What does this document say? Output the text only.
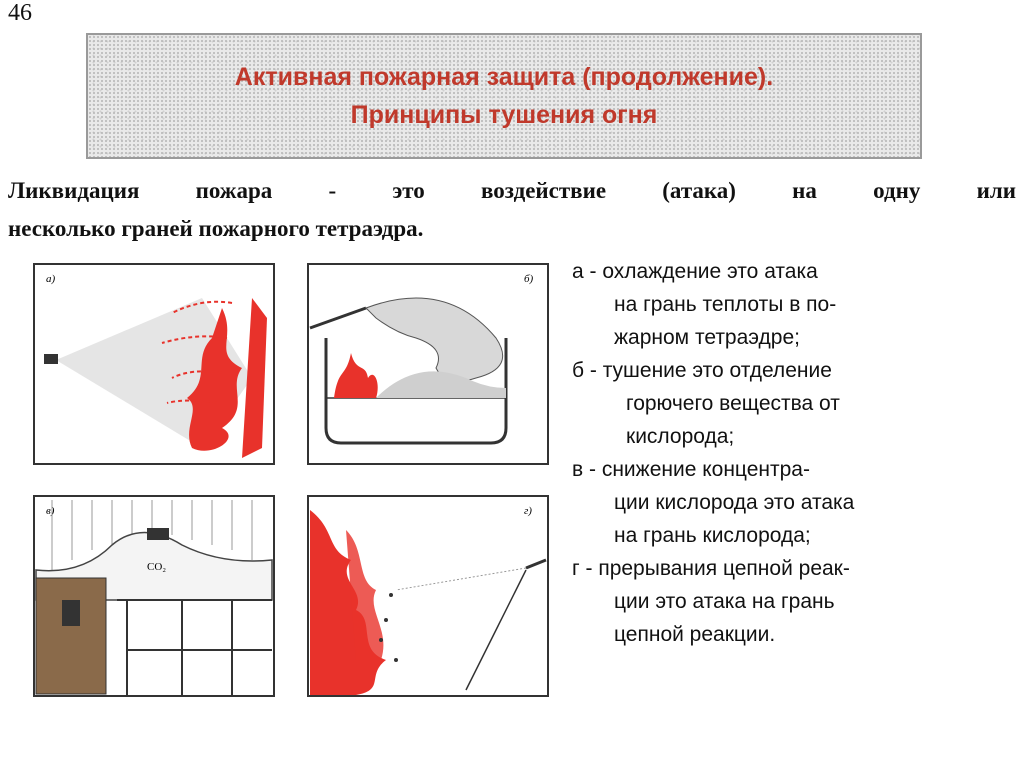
46
Активная пожарная защита (продолжение).
Принципы тушения огня

Ликвидация пожара - это воздействие (атака) на одну или

несколько граней пожарного тетраэдра.

а)	б)
в)
CO₂
г)
а - охлаждение это атака
на грань теплоты в по-
жарном тетраэдре;
б - тушение это отделение
горючего вещества от
кислорода;
в - снижение концентра-
ции кислорода это атака
на грань кислорода;
г - прерывания цепной реак-
ции это атака на грань
цепной реакции.
